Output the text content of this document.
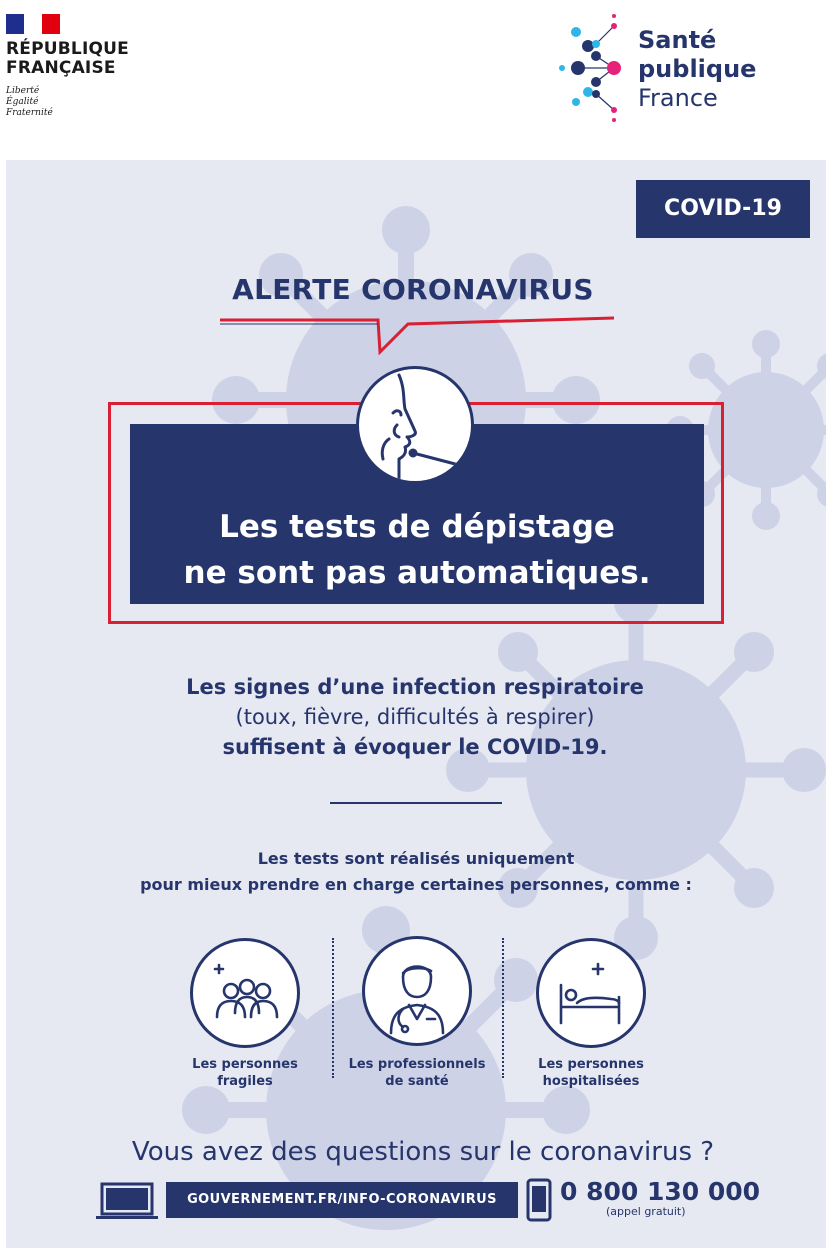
RÉPUBLIQUE
FRANÇAISE
Liberté
Égalité
Fraternité
Santé
publique
France
COVID-19
ALERTE CORONAVIRUS
Les tests de dépistage
ne sont pas automatiques.
Les signes d’une infection respiratoire
(toux, fièvre, difficultés à respirer)
suffisent à évoquer le COVID-19.
Les tests sont réalisés uniquement
pour mieux prendre en charge certaines personnes, comme :
Les personnes
fragiles
Les professionnels
de santé
Les personnes
hospitalisées
Vous avez des questions sur le coronavirus ?
GOUVERNEMENT.FR/INFO-CORONAVIRUS	0 800 130 000
(appel gratuit)
